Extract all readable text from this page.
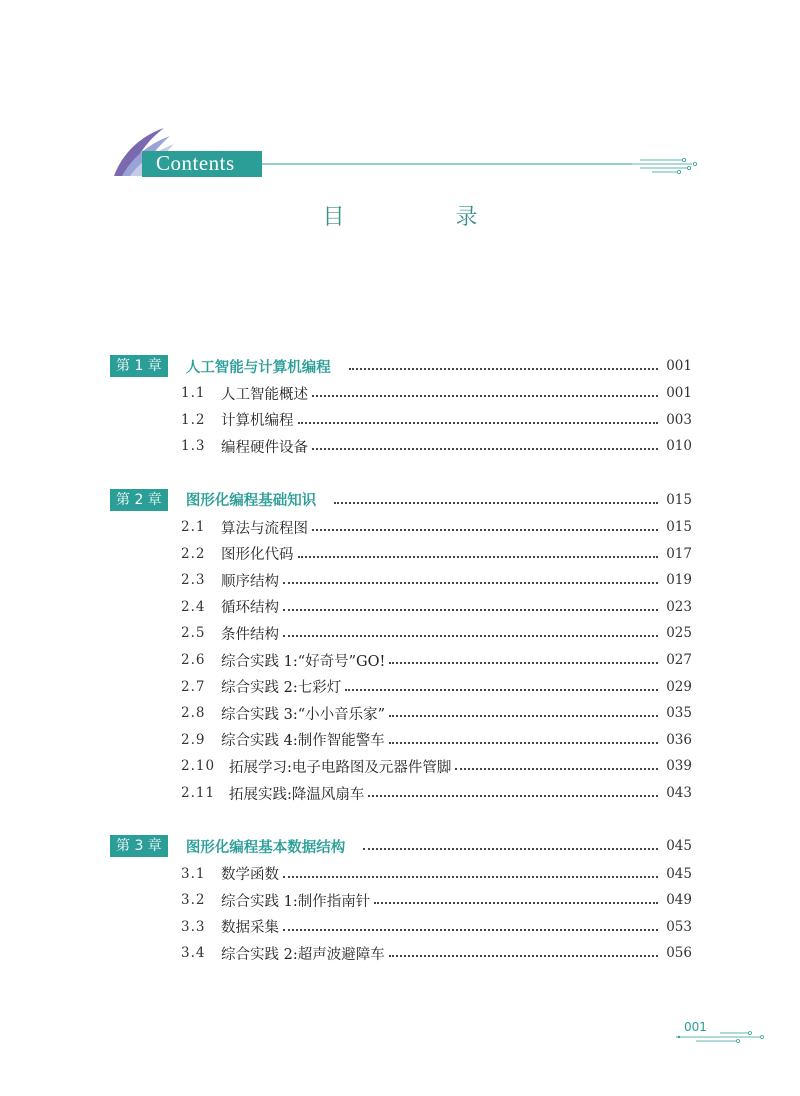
Contents
目 录
第 1 章	人工智能与计算机编程	001
1.1	人工智能概述	001
1.2	计算机编程	003
1.3	编程硬件设备	010
第 2 章	图形化编程基础知识	015
2.1	算法与流程图	015
2.2	图形化代码	017
2.3	顺序结构	019
2.4	循环结构	023
2.5	条件结构	025
2.6	综合实践 1:“好奇号”GO!	027
2.7	综合实践 2:七彩灯	029
2.8	综合实践 3:“小小音乐家”	035
2.9	综合实践 4:制作智能警车	036
2.10 拓展学习:电子电路图及元器件管脚	039
2.11 拓展实践:降温风扇车	043
第 3 章	图形化编程基本数据结构	045
3.1	数学函数	045
3.2	综合实践 1:制作指南针	049
3.3	数据采集	053
3.4	综合实践 2:超声波避障车	056
001
